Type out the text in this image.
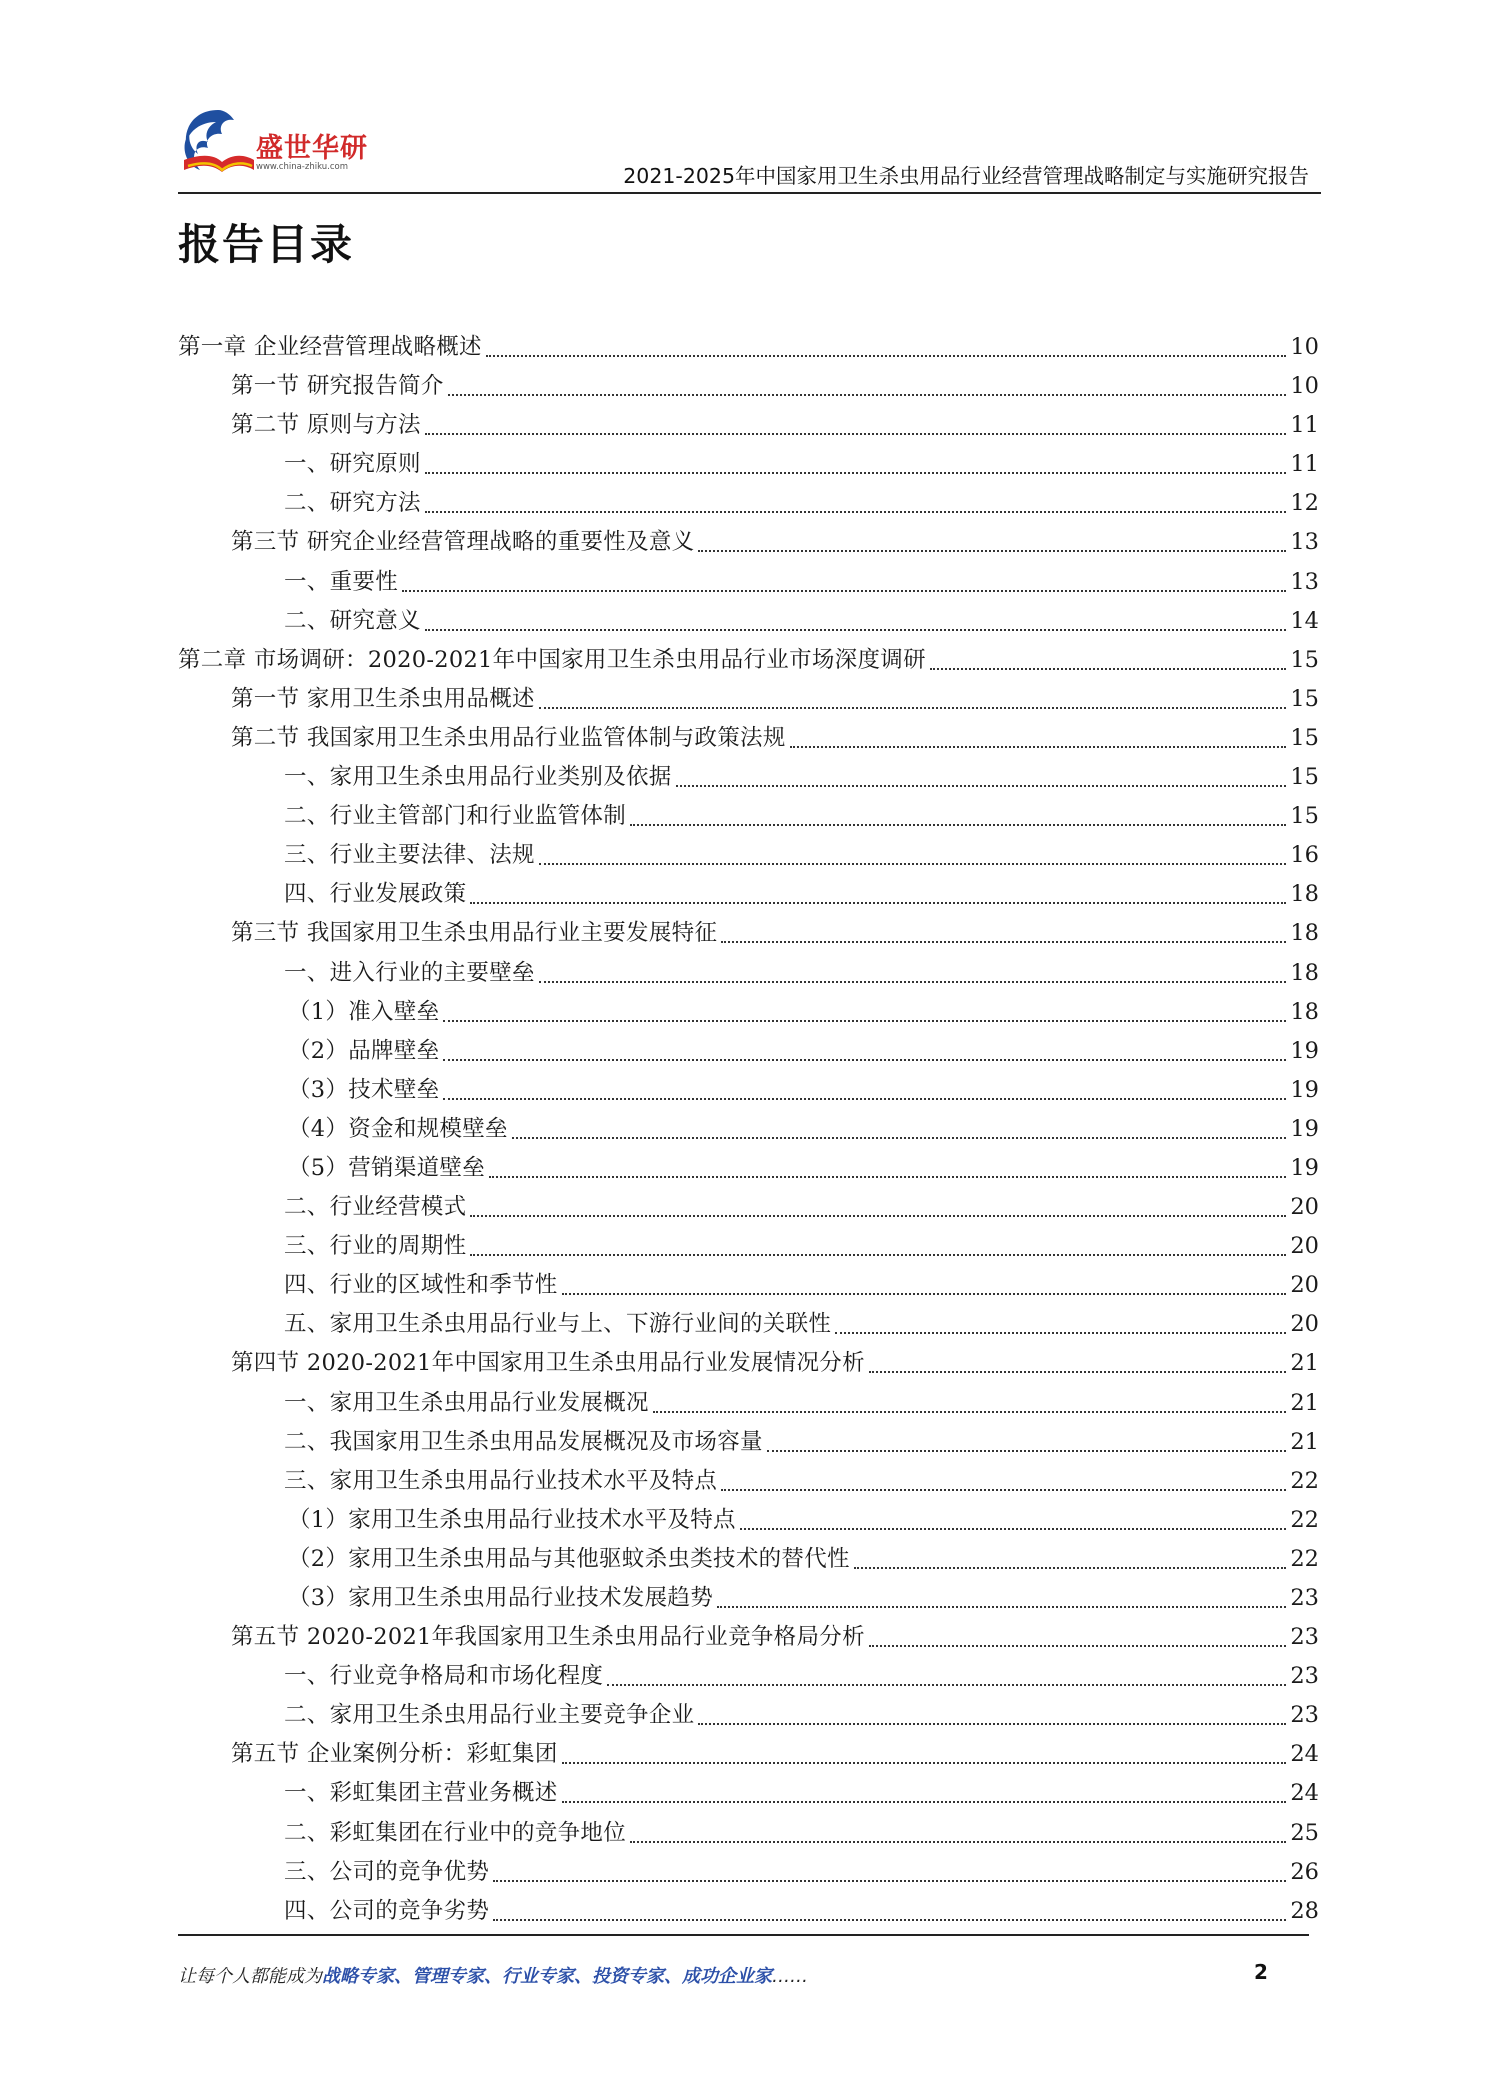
盛世华研
www.china-zhiku.com	2021-2025年中国家用卫生杀虫用品行业经营管理战略制定与实施研究报告
报告目录
第一章 企业经营管理战略概述	10
第一节 研究报告简介	10
第二节 原则与方法	11
一、研究原则	11
二、研究方法	12
第三节 研究企业经营管理战略的重要性及意义	13
一、重要性	13
二、研究意义	14
第二章 市场调研：2020-2021年中国家用卫生杀虫用品行业市场深度调研	15
第一节 家用卫生杀虫用品概述	15
第二节 我国家用卫生杀虫用品行业监管体制与政策法规	15
一、家用卫生杀虫用品行业类别及依据	15
二、行业主管部门和行业监管体制	15
三、行业主要法律、法规	16
四、行业发展政策	18
第三节 我国家用卫生杀虫用品行业主要发展特征	18
一、进入行业的主要壁垒	18
（1）准入壁垒	18
（2）品牌壁垒	19
（3）技术壁垒	19
（4）资金和规模壁垒	19
（5）营销渠道壁垒	19
二、行业经营模式	20
三、行业的周期性	20
四、行业的区域性和季节性	20
五、家用卫生杀虫用品行业与上、下游行业间的关联性	20
第四节 2020-2021年中国家用卫生杀虫用品行业发展情况分析	21
一、家用卫生杀虫用品行业发展概况	21
二、我国家用卫生杀虫用品发展概况及市场容量	21
三、家用卫生杀虫用品行业技术水平及特点	22
（1）家用卫生杀虫用品行业技术水平及特点	22
（2）家用卫生杀虫用品与其他驱蚊杀虫类技术的替代性	22
（3）家用卫生杀虫用品行业技术发展趋势	23
第五节 2020-2021年我国家用卫生杀虫用品行业竞争格局分析	23
一、行业竞争格局和市场化程度	23
二、家用卫生杀虫用品行业主要竞争企业	23
第五节 企业案例分析：彩虹集团	24
一、彩虹集团主营业务概述	24
二、彩虹集团在行业中的竞争地位	25
三、公司的竞争优势	26
四、公司的竞争劣势	28
让每个人都能成为战略专家、管理专家、行业专家、投资专家、成功企业家……	2
